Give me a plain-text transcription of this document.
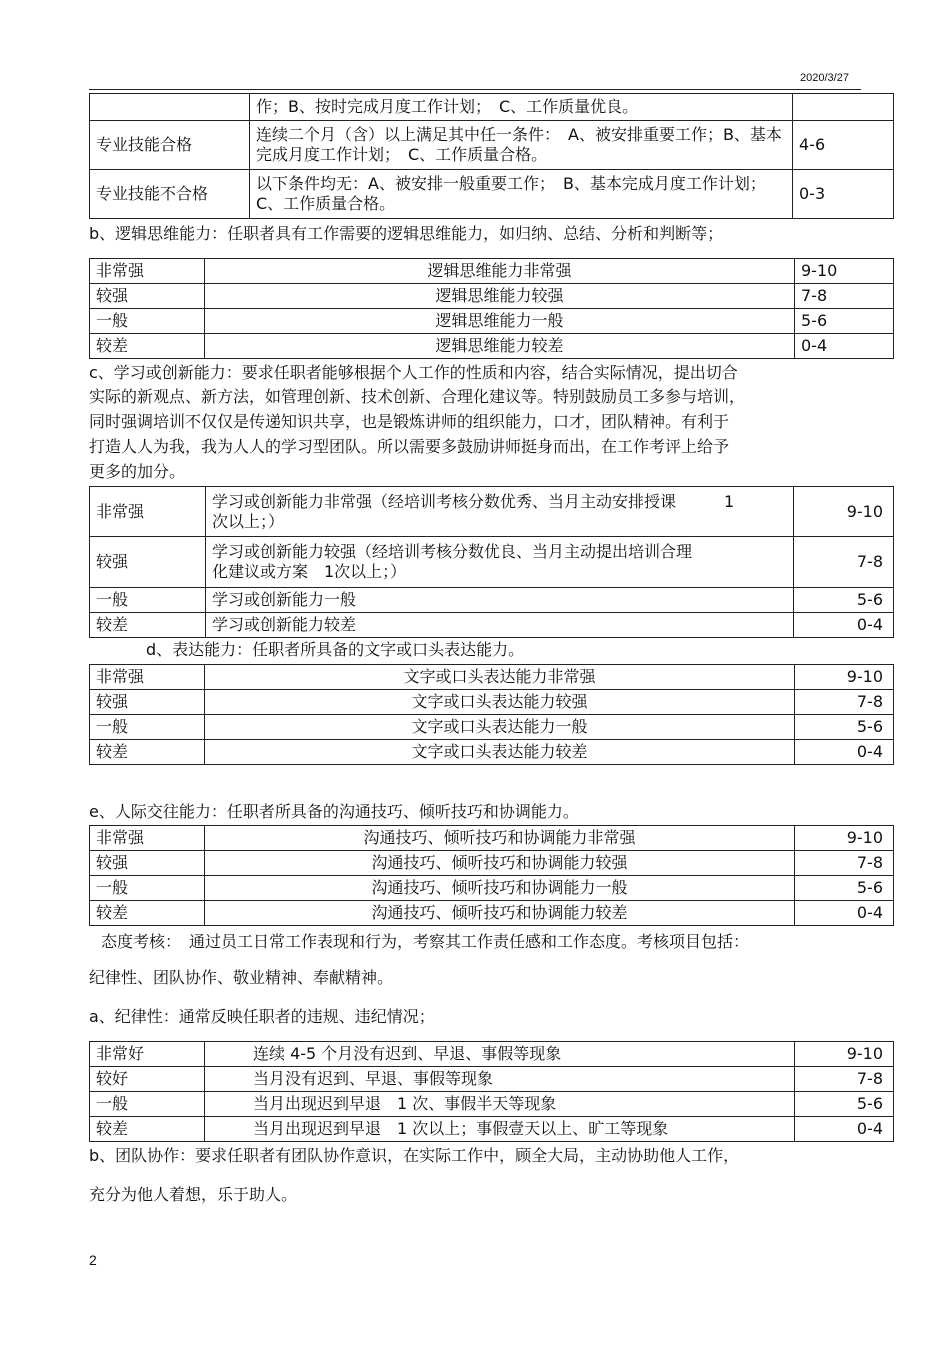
2020/3/27
	作；B、按时完成月度工作计划；　C、工作质量优良。	
专业技能合格	连续二个月（含）以上满足其中任一条件：　A、被安排重要工作；B、基本完成月度工作计划；　C、工作质量合格。	4-6
专业技能不合格	以下条件均无：A、被安排一般重要工作；　B、基本完成月度工作计划；C、工作质量合格。	0-3
b、逻辑思维能力：任职者具有工作需要的逻辑思维能力，如归纳、总结、分析和判断等；
非常强	逻辑思维能力非常强	9-10
较强	逻辑思维能力较强	7-8
一般	逻辑思维能力一般	5-6
较差	逻辑思维能力较差	0-4
c、学习或创新能力：要求任职者能够根据个人工作的性质和内容，结合实际情况，提出切合
实际的新观点、新方法，如管理创新、技术创新、合理化建议等。特别鼓励员工多参与培训，
同时强调培训不仅仅是传递知识共享，也是锻炼讲师的组织能力，口才，团队精神。有利于
打造人人为我，我为人人的学习型团队。所以需要多鼓励讲师挺身而出，在工作考评上给予
更多的加分。
非常强	学习或创新能力非常强（经培训考核分数优秀、当月主动安排授课　　　1
次以上；）	9-10
较强	学习或创新能力较强（经培训考核分数优良、当月主动提出培训合理
化建议或方案　1次以上；）	7-8
一般	学习或创新能力一般	5-6
较差	学习或创新能力较差	0-4
d、表达能力：任职者所具备的文字或口头表达能力。
非常强	文字或口头表达能力非常强	9-10
较强	文字或口头表达能力较强	7-8
一般	文字或口头表达能力一般	5-6
较差	文字或口头表达能力较差	0-4
e、人际交往能力：任职者所具备的沟通技巧、倾听技巧和协调能力。
非常强	沟通技巧、倾听技巧和协调能力非常强	9-10
较强	沟通技巧、倾听技巧和协调能力较强	7-8
一般	沟通技巧、倾听技巧和协调能力一般	5-6
较差	沟通技巧、倾听技巧和协调能力较差	0-4
态度考核：　通过员工日常工作表现和行为，考察其工作责任感和工作态度。考核项目包括：
纪律性、团队协作、敬业精神、奉献精神。
a、纪律性：通常反映任职者的违规、违纪情况；
非常好	连续 4-5 个月没有迟到、早退、事假等现象	9-10
较好	当月没有迟到、早退、事假等现象	7-8
一般	当月出现迟到早退　1 次、事假半天等现象	5-6
较差	当月出现迟到早退　1 次以上；事假壹天以上、旷工等现象	0-4
b、团队协作：要求任职者有团队协作意识，在实际工作中，顾全大局，主动协助他人工作，
充分为他人着想，乐于助人。
2
